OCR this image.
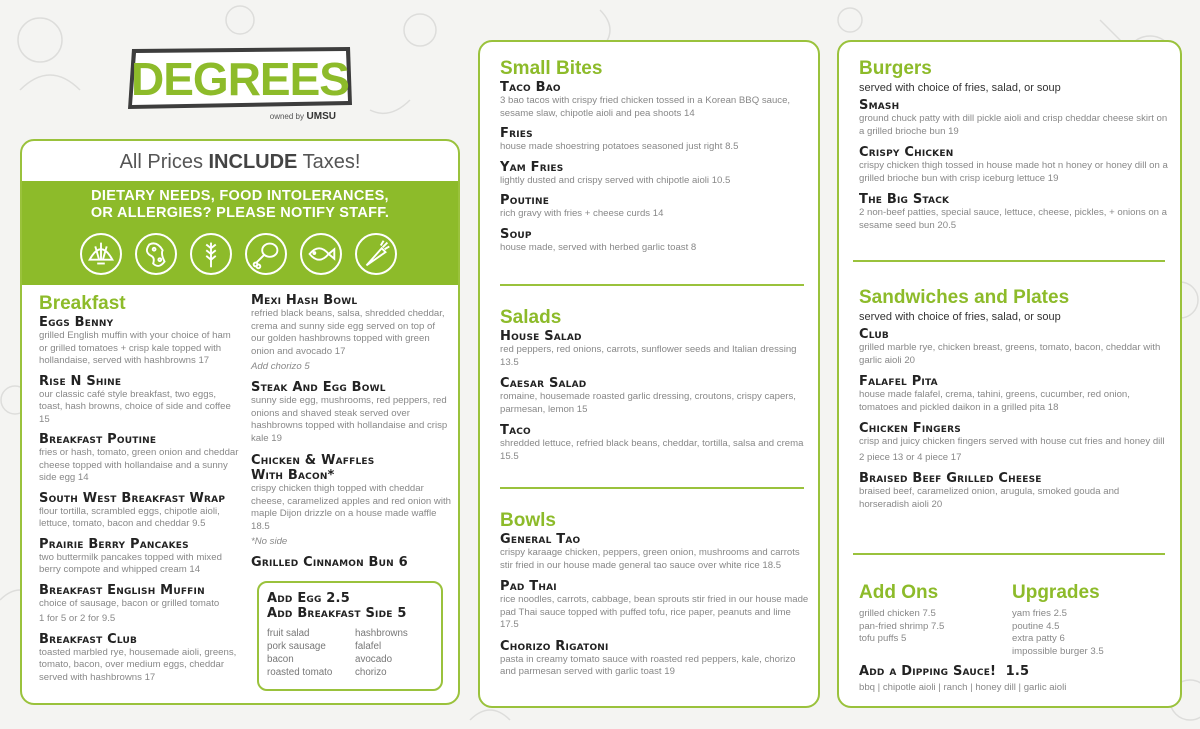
DEGREES
owned by UMSU
All Prices INCLUDE Taxes!
DIETARY NEEDS, FOOD INTOLERANCES,
OR ALLERGIES? PLEASE NOTIFY STAFF.
Breakfast
Eggs Benny
grilled English muffin with your choice of ham or grilled tomatoes + crisp kale topped with hollandaise, served with hashbrowns 17
Rise N Shine
our classic café style breakfast, two eggs, toast, hash browns, choice of side and coffee 15
Breakfast Poutine
fries or hash, tomato, green onion and cheddar cheese topped with hollandaise and a sunny side egg 14
South West Breakfast Wrap
flour tortilla, scrambled eggs, chipotle aioli, lettuce, tomato, bacon and cheddar 9.5
Prairie Berry Pancakes
two buttermilk pancakes topped with mixed berry compote and whipped cream 14
Breakfast English Muffin
choice of sausage, bacon or grilled tomato
1 for 5 or 2 for 9.5
Breakfast Club
toasted marbled rye, housemade aioli, greens, tomato, bacon, over medium eggs, cheddar served with hashbrowns 17
Mexi Hash Bowl
refried black beans, salsa, shredded cheddar, crema and sunny side egg served on top of our golden hashbrowns topped with green onion and avocado 17
Add chorizo 5
Steak And Egg Bowl
sunny side egg, mushrooms, red peppers, red onions and shaved steak served over hashbrowns topped with hollandaise and crisp kale 19
Chicken & Waffles
With Bacon*
crispy chicken thigh topped with cheddar cheese, caramelized apples and red onion with maple Dijon drizzle on a house made waffle 18.5
*No side
Grilled Cinnamon Bun 6
Add Egg 2.5
Add Breakfast Side 5
fruit salad	hashbrowns
pork sausage	falafel
bacon	avocado
roasted tomato	chorizo
Small Bites
Taco Bao
3 bao tacos with crispy fried chicken tossed in a Korean BBQ sauce, sesame slaw, chipotle aioli and pea shoots 14
Fries
house made shoestring potatoes seasoned just right 8.5
Yam Fries
lightly dusted and crispy served with chipotle aioli 10.5
Poutine
rich gravy with fries + cheese curds 14
Soup
house made, served with herbed garlic toast 8
Salads
House Salad
red peppers, red onions, carrots, sunflower seeds and Italian dressing 13.5
Caesar Salad
romaine, housemade roasted garlic dressing, croutons, crispy capers, parmesan, lemon 15
Taco
shredded lettuce, refried black beans, cheddar, tortilla, salsa and crema 15.5
Bowls
General Tao
crispy karaage chicken, peppers, green onion, mushrooms and carrots stir fried in our house made general tao sauce over white rice 18.5
Pad Thai
rice noodles, carrots, cabbage, bean sprouts stir fried in our house made pad Thai sauce topped with puffed tofu, rice paper, peanuts and lime 17.5
Chorizo Rigatoni
pasta in creamy tomato sauce with roasted red peppers, kale, chorizo and parmesan served with garlic toast 19
Burgers
served with choice of fries, salad, or soup
Smash
ground chuck patty with dill pickle aioli and crisp cheddar cheese skirt on a grilled brioche bun 19
Crispy Chicken
crispy chicken thigh tossed in house made hot n honey or honey dill on a grilled brioche bun with crisp iceburg lettuce 19
The Big Stack
2 non-beef patties, special sauce, lettuce, cheese, pickles, + onions on a sesame seed bun 20.5
Sandwiches and Plates
served with choice of fries, salad, or soup
Club
grilled marble rye, chicken breast, greens, tomato, bacon, cheddar with garlic aioli 20
Falafel Pita
house made falafel, crema, tahini, greens, cucumber, red onion, tomatoes and pickled daikon in a grilled pita 18
Chicken Fingers
crisp and juicy chicken fingers served with house cut fries and honey dill
2 piece 13 or 4 piece 17
Braised Beef Grilled Cheese
braised beef, caramelized onion, arugula, smoked gouda and horseradish aioli 20
Add Ons
grilled chicken 7.5
pan-fried shrimp 7.5
tofu puffs 5
Upgrades
yam fries 2.5
poutine 4.5
extra patty 6
impossible burger 3.5
Add a Dipping Sauce! 1.5
bbq | chipotle aioli | ranch | honey dill | garlic aioli
